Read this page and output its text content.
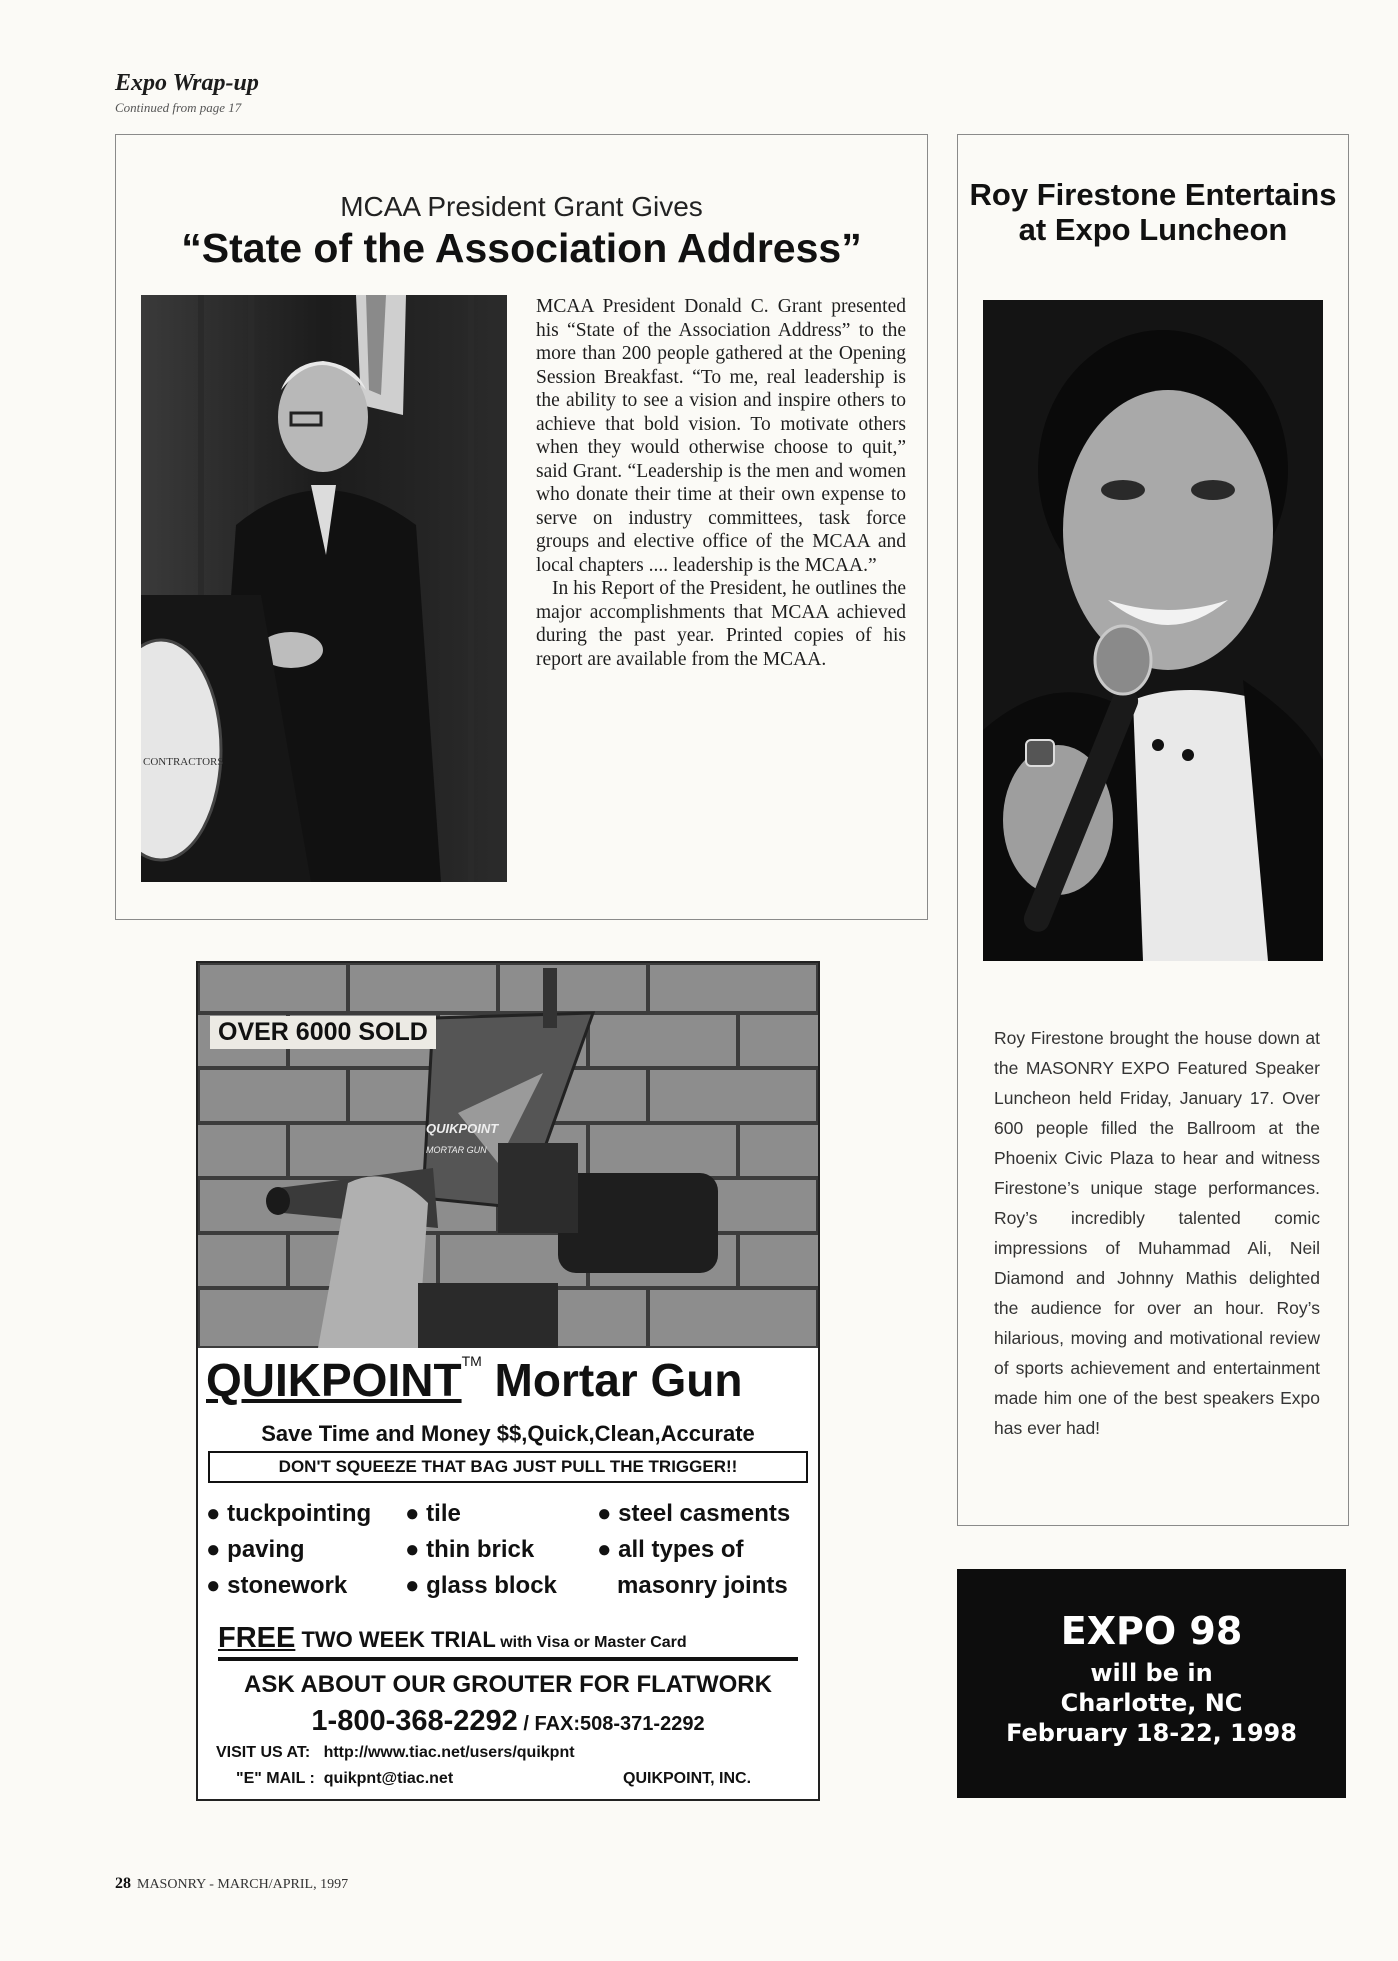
Expo Wrap-up
Continued from page 17
MCAA President Grant Gives
“State of the Association Address”
CONTRACTORS

MCAA President Donald C. Grant presented his “State of the Association Address” to the more than 200 people gathered at the Opening Session Breakfast. “To me, real leadership is the ability to see a vision and inspire others to achieve that bold vision. To motivate others when they would otherwise choose to quit,” said Grant. “Leadership is the men and women who donate their time at their own expense to serve on industry committees, task force groups and elective office of the MCAA and local chapters .... leadership is the MCAA.”

In his Report of the President, he outlines the major accomplishments that MCAA achieved during the past year. Printed copies of his report are available from the MCAA.

Roy Firestone Entertains at Expo Luncheon
Roy Firestone brought the house down at the MASONRY EXPO Featured Speaker Luncheon held Friday, January 17. Over 600 people filled the Ballroom at the Phoenix Civic Plaza to hear and witness Firestone’s unique stage performances. Roy’s incredibly talented comic impressions of Muhammad Ali, Neil Diamond and Johnny Mathis delighted the audience for over an hour. Roy’s hilarious, moving and motivational review of sports achievement and entertainment made him one of the best speakers Expo has ever had!
QUIKPOINT
MORTAR GUN
OVER 6000 SOLD
QUIKPOINT™ Mortar Gun
Save Time and Money $$,Quick,Clean,Accurate
DON'T SQUEEZE THAT BAG JUST PULL THE TRIGGER!!
● tuckpointing
● paving
● stonework
● tile
● thin brick
● glass block
● steel casments
● all types of
masonry joints
FREE TWO WEEK TRIAL with Visa or Master Card
ASK ABOUT OUR GROUTER FOR FLATWORK
1-800-368-2292 / FAX:508-371-2292
VISIT US AT:   http://www.tiac.net/users/quikpnt
"E" MAIL :  quikpnt@tiac.net	QUIKPOINT, INC.
EXPO 98
will be in
Charlotte, NC
February 18-22, 1998
28 MASONRY - MARCH/APRIL, 1997
